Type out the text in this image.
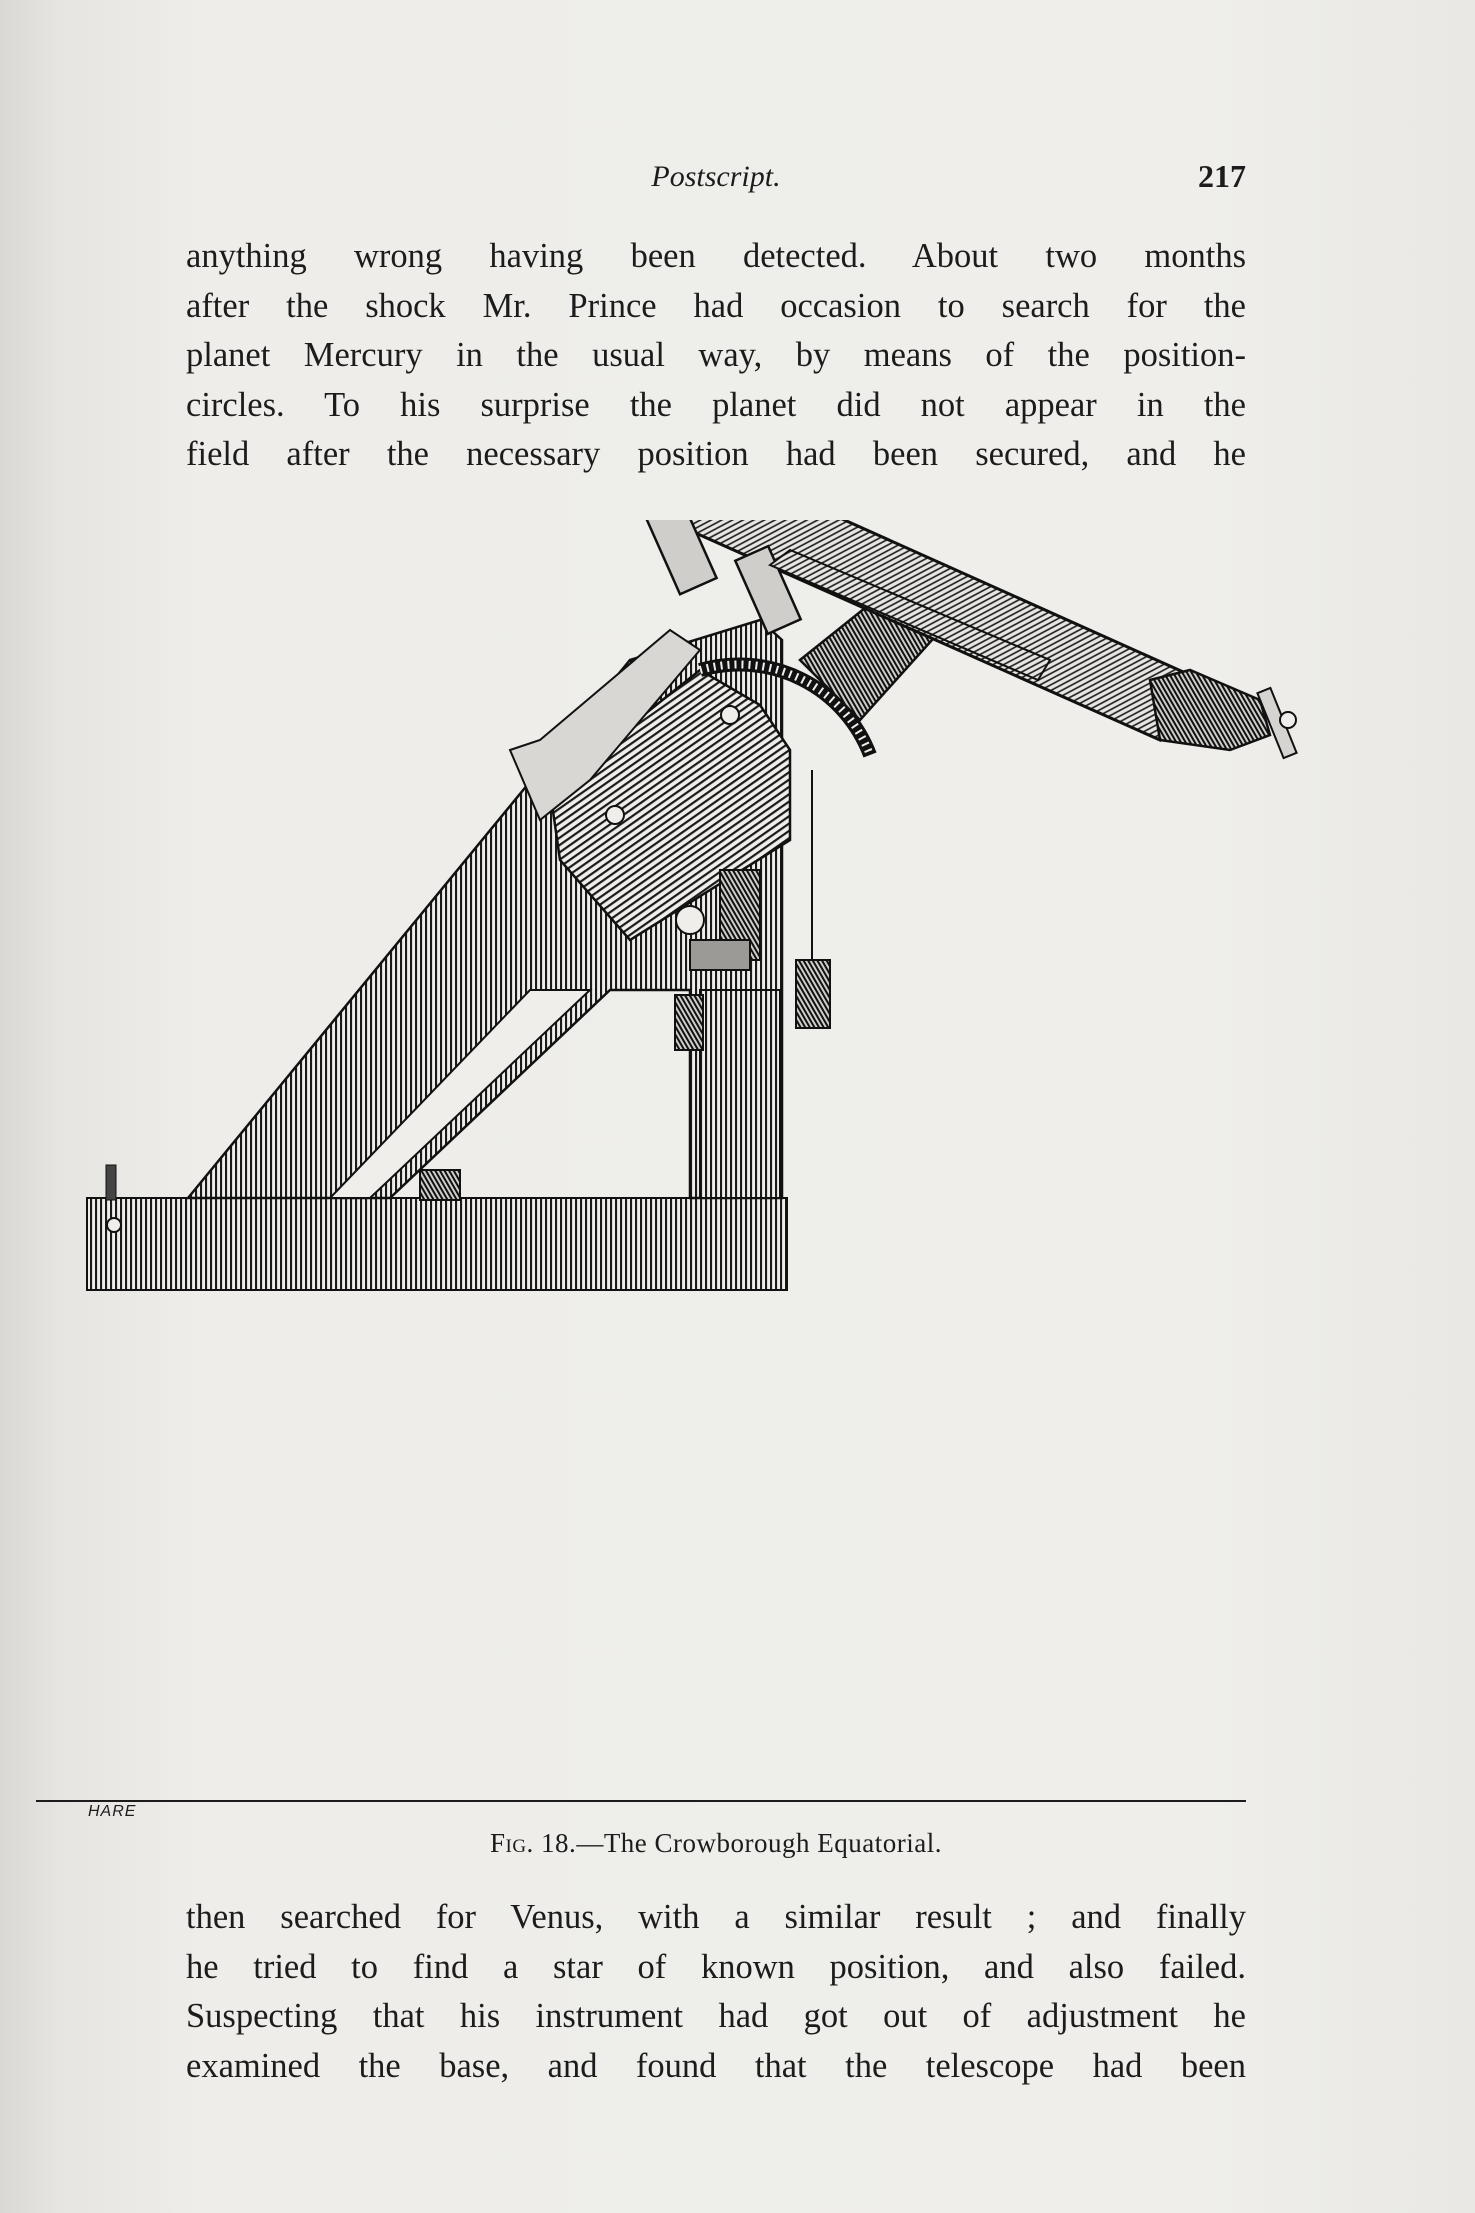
Postscript.	217
anything wrong having been detected. About two months
after the shock Mr. Prince had occasion to search for the
planet Mercury in the usual way, by means of the position-
circles. To his surprise the planet did not appear in the
field after the necessary position had been secured, and he
HARE
Fig. 18.—The Crowborough Equatorial.
then searched for Venus, with a similar result ; and finally
he tried to find a star of known position, and also failed.
Suspecting that his instrument had got out of adjustment he
examined the base, and found that the telescope had been
